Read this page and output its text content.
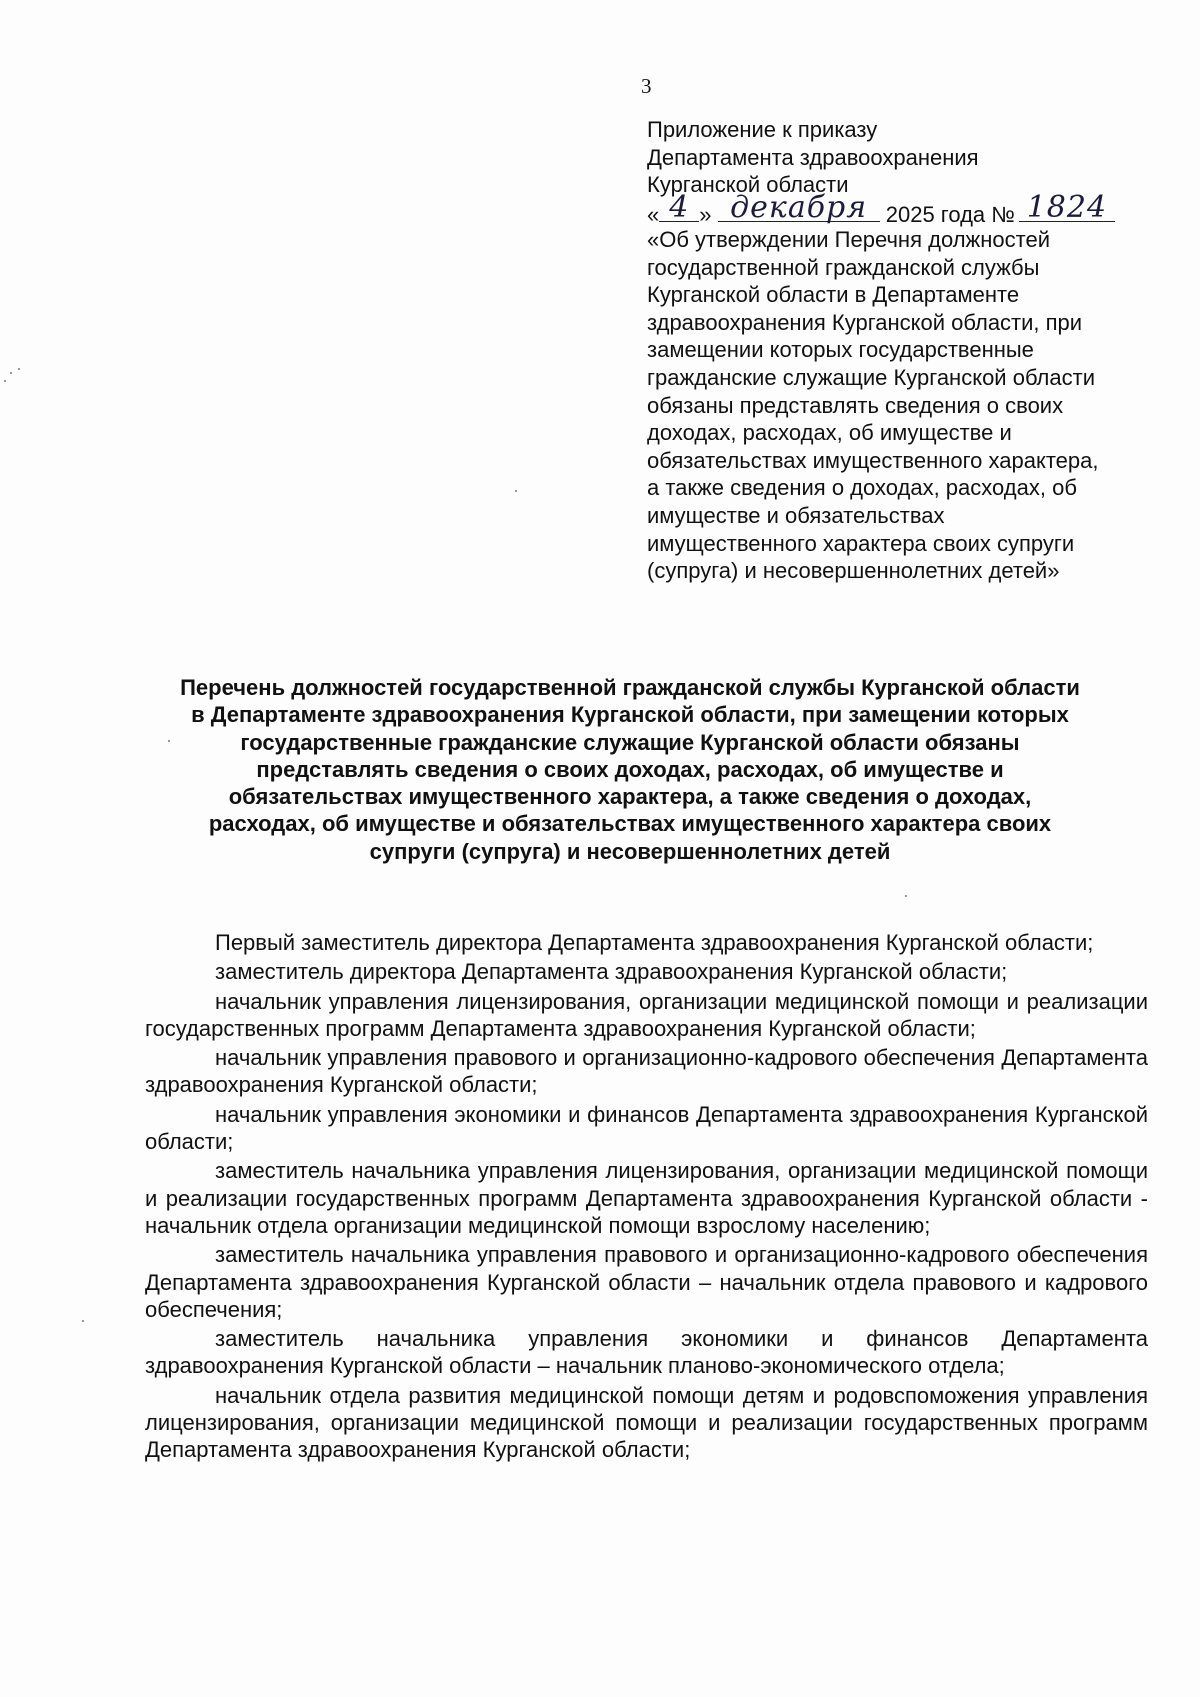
3
Приложение к приказу
Департамента здравоохранения
Курганской области
« 4 » декабря 2025 года № 1824
«Об утверждении Перечня должностей
государственной гражданской службы
Курганской области в Департаменте
здравоохранения Курганской области, при
замещении которых государственные
гражданские служащие Курганской области
обязаны представлять сведения о своих
доходах, расходах, об имуществе и
обязательствах имущественного характера,
а также сведения о доходах, расходах, об
имуществе и обязательствах
имущественного характера своих супруги
(супруга) и несовершеннолетних детей»
Перечень должностей государственной гражданской службы Курганской области
в Департаменте здравоохранения Курганской области, при замещении которых
государственные гражданские служащие Курганской области обязаны
представлять сведения о своих доходах, расходах, об имуществе и
обязательствах имущественного характера, а также сведения о доходах,
расходах, об имуществе и обязательствах имущественного характера своих
супруги (супруга) и несовершеннолетних детей

Первый заместитель директора Департамента здравоохранения Курганской области;

заместитель директора Департамента здравоохранения Курганской области;

начальник управления лицензирования, организации медицинской помощи и реализации государственных программ Департамента здравоохранения Курганской области;

начальник управления правового и организационно-кадрового обеспечения Департамента здравоохранения Курганской области;

начальник управления экономики и финансов Департамента здравоохранения Курганской области;

заместитель начальника управления лицензирования, организации медицинской помощи и реализации государственных программ Департамента здравоохранения Курганской области - начальник отдела организации медицинской помощи взрослому населению;

заместитель начальника управления правового и организационно-кадрового обеспечения Департамента здравоохранения Курганской области – начальник отдела правового и кадрового обеспечения;

заместитель начальника управления экономики и финансов Департамента здравоохранения Курганской области – начальник планово-экономического отдела;

начальник отдела развития медицинской помощи детям и родовспоможения управления лицензирования, организации медицинской помощи и реализации государственных программ Департамента здравоохранения Курганской области;
